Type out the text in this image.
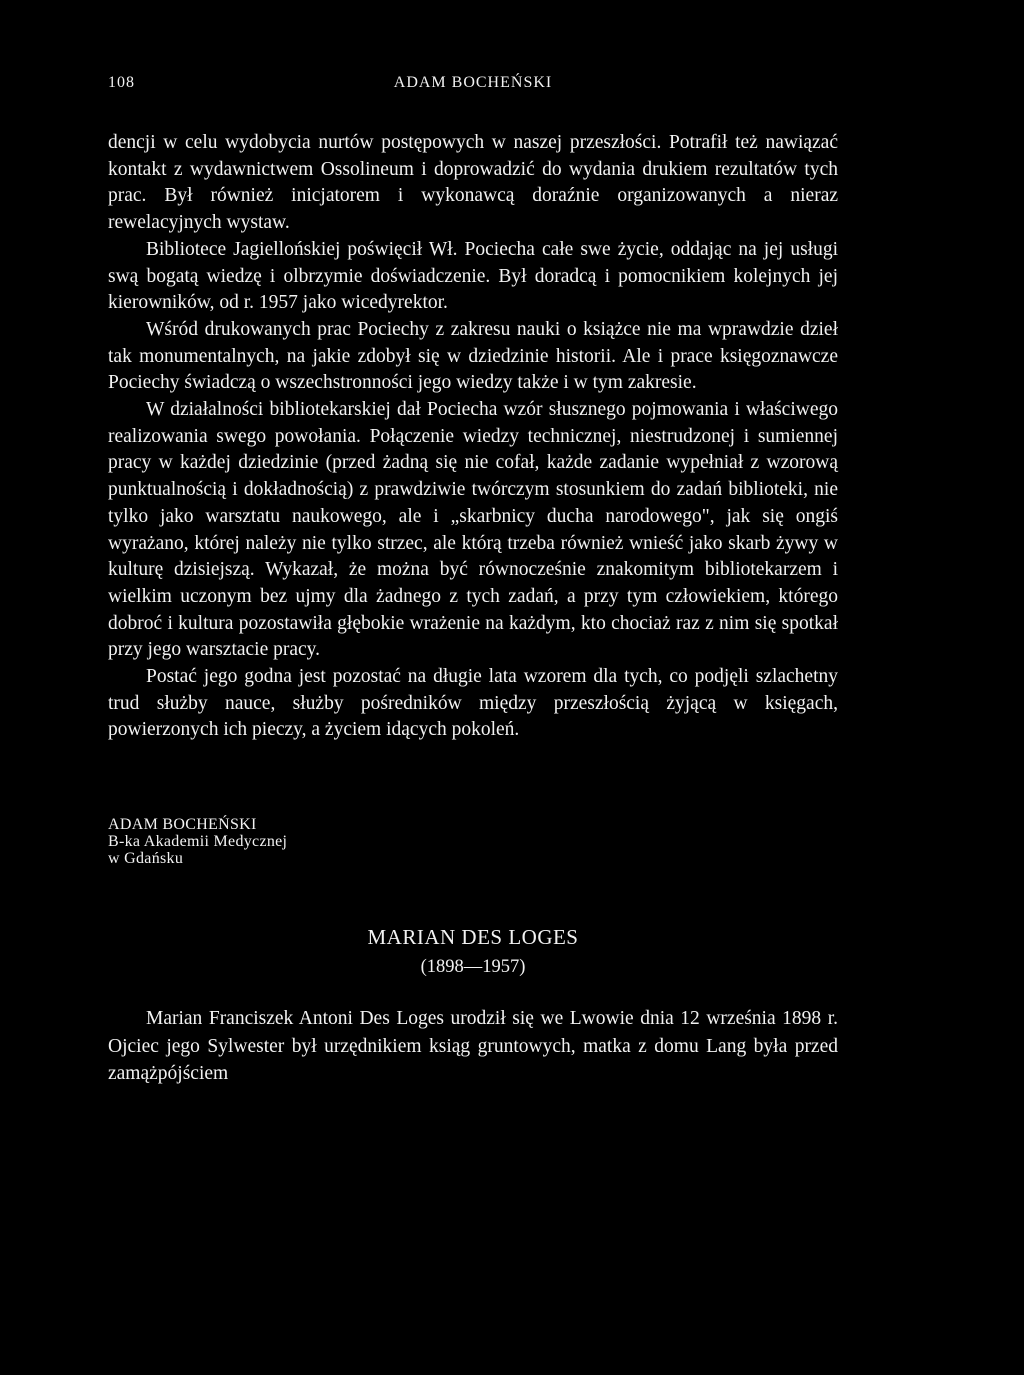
108	ADAM BOCHEŃSKI

dencji w celu wydobycia nurtów postępowych w naszej przeszłości. Potrafił też nawiązać kontakt z wydawnictwem Ossolineum i doprowadzić do wydania drukiem rezultatów tych prac. Był również inicjatorem i wykonawcą doraźnie organizowanych a nieraz rewelacyjnych wystaw.

Bibliotece Jagiellońskiej poświęcił Wł. Pociecha całe swe życie, oddając na jej usługi swą bogatą wiedzę i olbrzymie doświadczenie. Był doradcą i pomocnikiem kolejnych jej kierowników, od r. 1957 jako wicedyrektor.

Wśród drukowanych prac Pociechy z zakresu nauki o książce nie ma wprawdzie dzieł tak monumentalnych, na jakie zdobył się w dziedzinie historii. Ale i prace księgoznawcze Pociechy świadczą o wszechstronności jego wiedzy także i w tym zakresie.

W działalności bibliotekarskiej dał Pociecha wzór słusznego pojmowania i właściwego realizowania swego powołania. Połączenie wiedzy technicznej, niestrudzonej i sumiennej pracy w każdej dziedzinie (przed żadną się nie cofał, każde zadanie wypełniał z wzorową punktualnością i dokładnością) z prawdziwie twórczym stosunkiem do zadań biblioteki, nie tylko jako warsztatu naukowego, ale i „skarbnicy ducha narodowego", jak się ongiś wyrażano, której należy nie tylko strzec, ale którą trzeba również wnieść jako skarb żywy w kulturę dzisiejszą. Wykazał, że można być równocześnie znakomitym bibliotekarzem i wielkim uczonym bez ujmy dla żadnego z tych zadań, a przy tym człowiekiem, którego dobroć i kultura pozostawiła głębokie wrażenie na każdym, kto chociaż raz z nim się spotkał przy jego warsztacie pracy.

Postać jego godna jest pozostać na długie lata wzorem dla tych, co podjęli szlachetny trud służby nauce, służby pośredników między przeszłością żyjącą w księgach, powierzonych ich pieczy, a życiem idących pokoleń.

ADAM BOCHEŃSKI
B-ka Akademii Medycznej
w Gdańsku
MARIAN DES LOGES
(1898—1957)

Marian Franciszek Antoni Des Loges urodził się we Lwowie dnia 12 września 1898 r. Ojciec jego Sylwester był urzędnikiem ksiąg gruntowych, matka z domu Lang była przed zamążpójściem
